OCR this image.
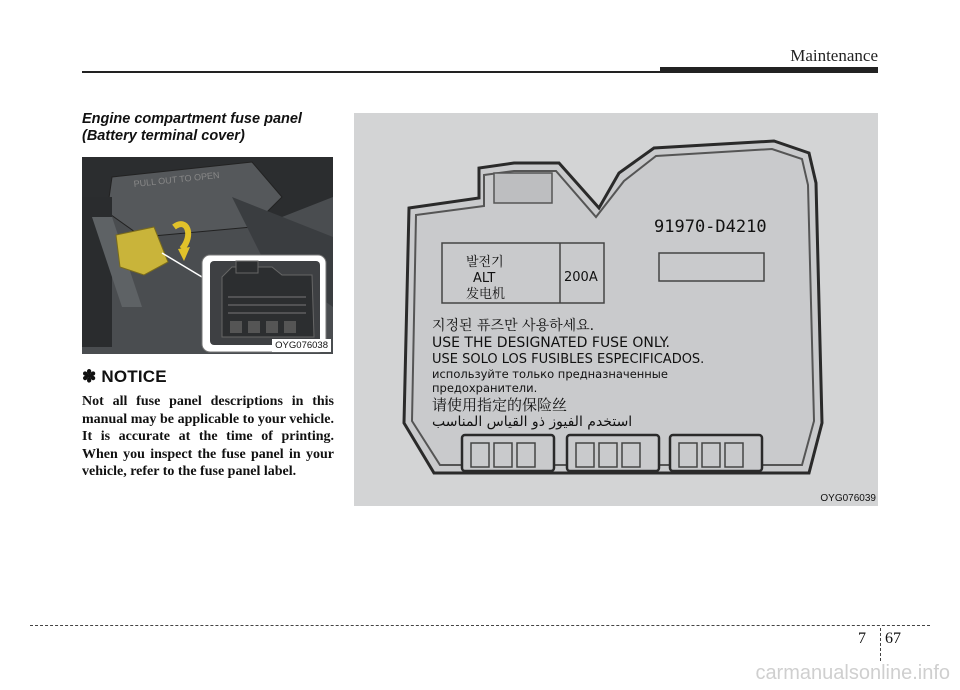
Maintenance
Engine compartment fuse panel
(Battery terminal cover)
PULL OUT TO OPEN
OYG076038
✽ NOTICE
Not all fuse panel descriptions in this manual may be applicable to your vehicle. It is accurate at the time of printing. When you inspect the fuse panel in your vehicle, refer to the fuse panel label.
91970-D4210
발전기
ALT
发电机
200A
지정된 퓨즈만 사용하세요.
USE THE DESIGNATED FUSE ONLY.
USE SOLO LOS FUSIBLES ESPECIFICADOS.
используйте только предназначенные
предохранители.
请使用指定的保险丝
استخدم الفيوز ذو القياس المناسب
OYG076039
7 67
carmanualsonline.info
